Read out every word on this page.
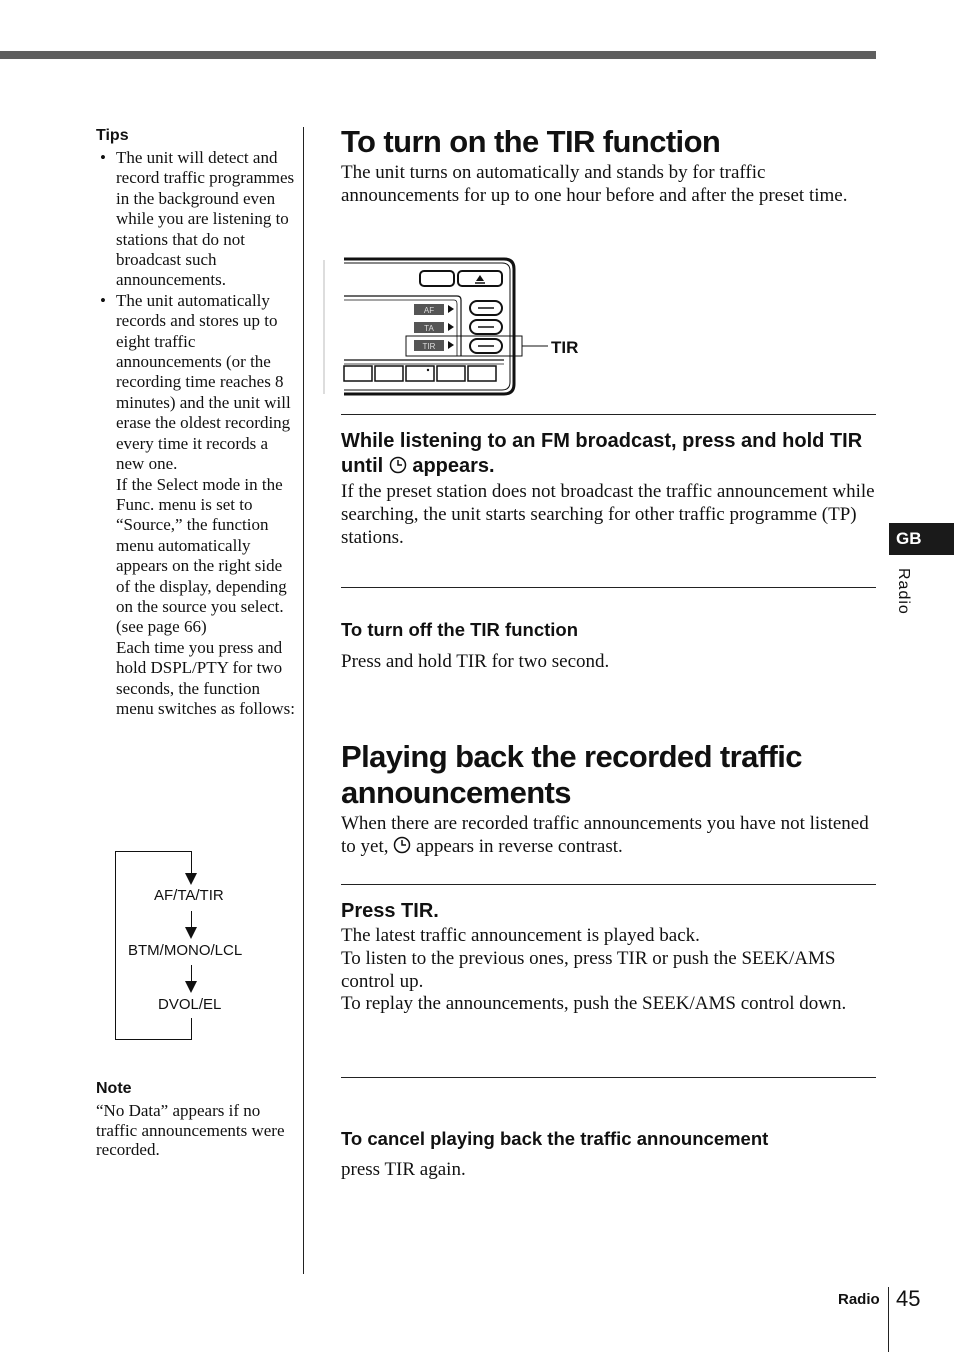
Tips
• The unit will detect and record traffic programmes in the background even while you are listening to stations that do not broadcast such announcements.
• The unit automatically records and stores up to eight traffic announcements (or the recording time reaches 8 minutes) and the unit will erase the oldest recording every time it records a new one.
If the Select mode in the Func. menu is set to “Source,” the function menu automatically appears on the right side of the display, depending on the source you select. (see page 66)
Each time you press and hold DSPL/PTY for two seconds, the function menu switches as follows:
AF/TA/TIR
BTM/MONO/LCL
DVOL/EL
Note
“No Data” appears if no traffic announcements were recorded.
To turn on the TIR function
The unit turns on automatically and stands by for traffic announcements for up to one hour before and after the preset time.
AF
TA
TIR	TIR
While listening to an FM broadcast, press and hold TIR until appears.
If the preset station does not broadcast the traffic announcement while searching, the unit starts searching for other traffic programme (TP) stations.
To turn off the TIR function
Press and hold TIR for two second.
Playing back the recorded traffic
announcements
When there are recorded traffic announcements you have not listened to yet, appears in reverse contrast.
Press TIR.
The latest traffic announcement is played back.
To listen to the previous ones, press TIR or push the SEEK/AMS control up.
To replay the announcements, push the SEEK/AMS control down.
To cancel playing back the traffic announcement
press TIR again.
GB
Radio
Radio 45
